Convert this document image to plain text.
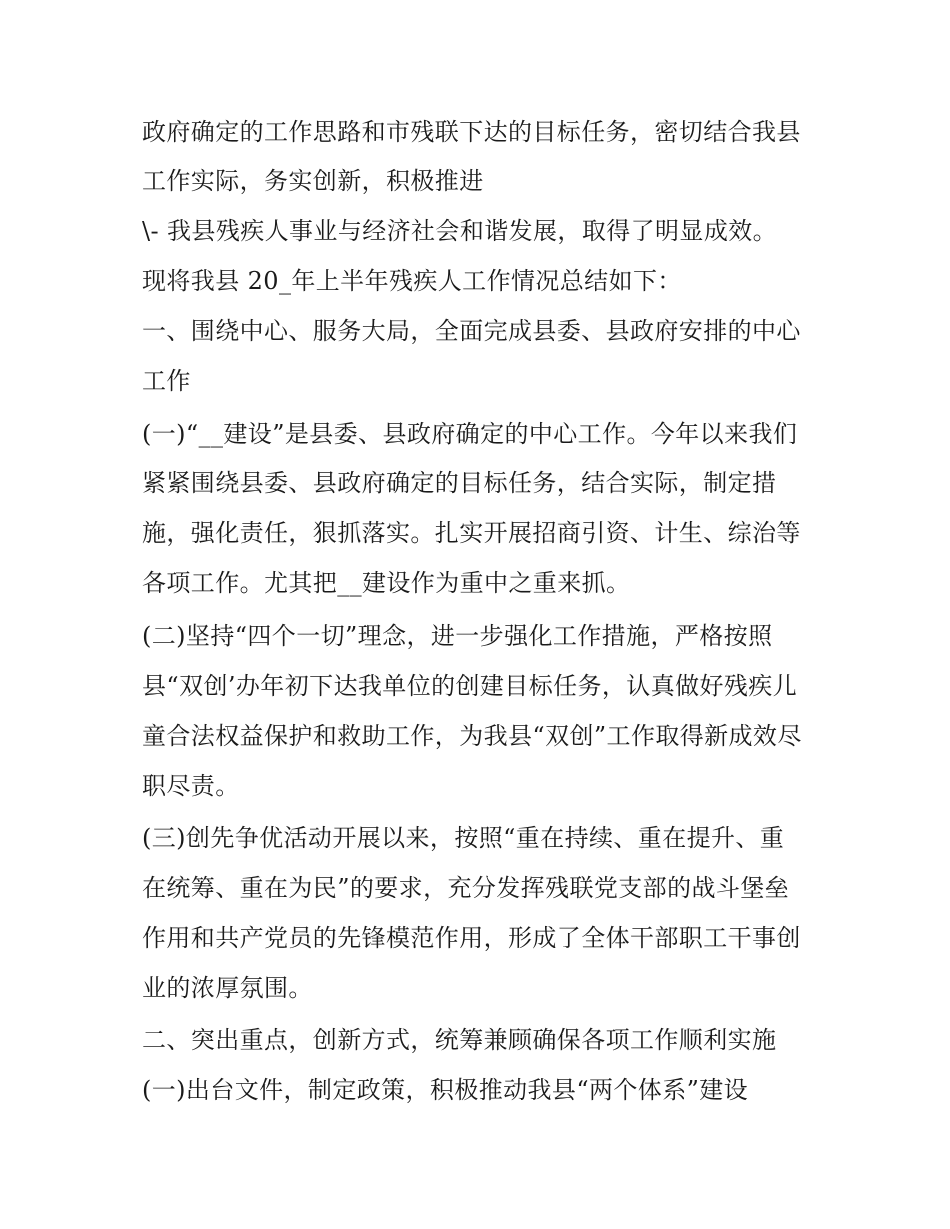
政府确定的工作思路和市残联下达的目标任务，密切结合我县
工作实际，务实创新，积极推进
\- 我县残疾人事业与经济社会和谐发展，取得了明显成效。
现将我县 20_年上半年残疾人工作情况总结如下：
一、围绕中心、服务大局，全面完成县委、县政府安排的中心
工作
(一)“__建设”是县委、县政府确定的中心工作。今年以来我们
紧紧围绕县委、县政府确定的目标任务，结合实际，制定措
施，强化责任，狠抓落实。扎实开展招商引资、计生、综治等
各项工作。尤其把__建设作为重中之重来抓。
(二)坚持“四个一切”理念，进一步强化工作措施，严格按照
县“双创’办年初下达我单位的创建目标任务，认真做好残疾儿
童合法权益保护和救助工作，为我县“双创”工作取得新成效尽
职尽责。
(三)创先争优活动开展以来，按照“重在持续、重在提升、重
在统筹、重在为民”的要求，充分发挥残联党支部的战斗堡垒
作用和共产党员的先锋模范作用，形成了全体干部职工干事创
业的浓厚氛围。
二、突出重点，创新方式，统筹兼顾确保各项工作顺利实施
(一)出台文件，制定政策，积极推动我县“两个体系”建设
